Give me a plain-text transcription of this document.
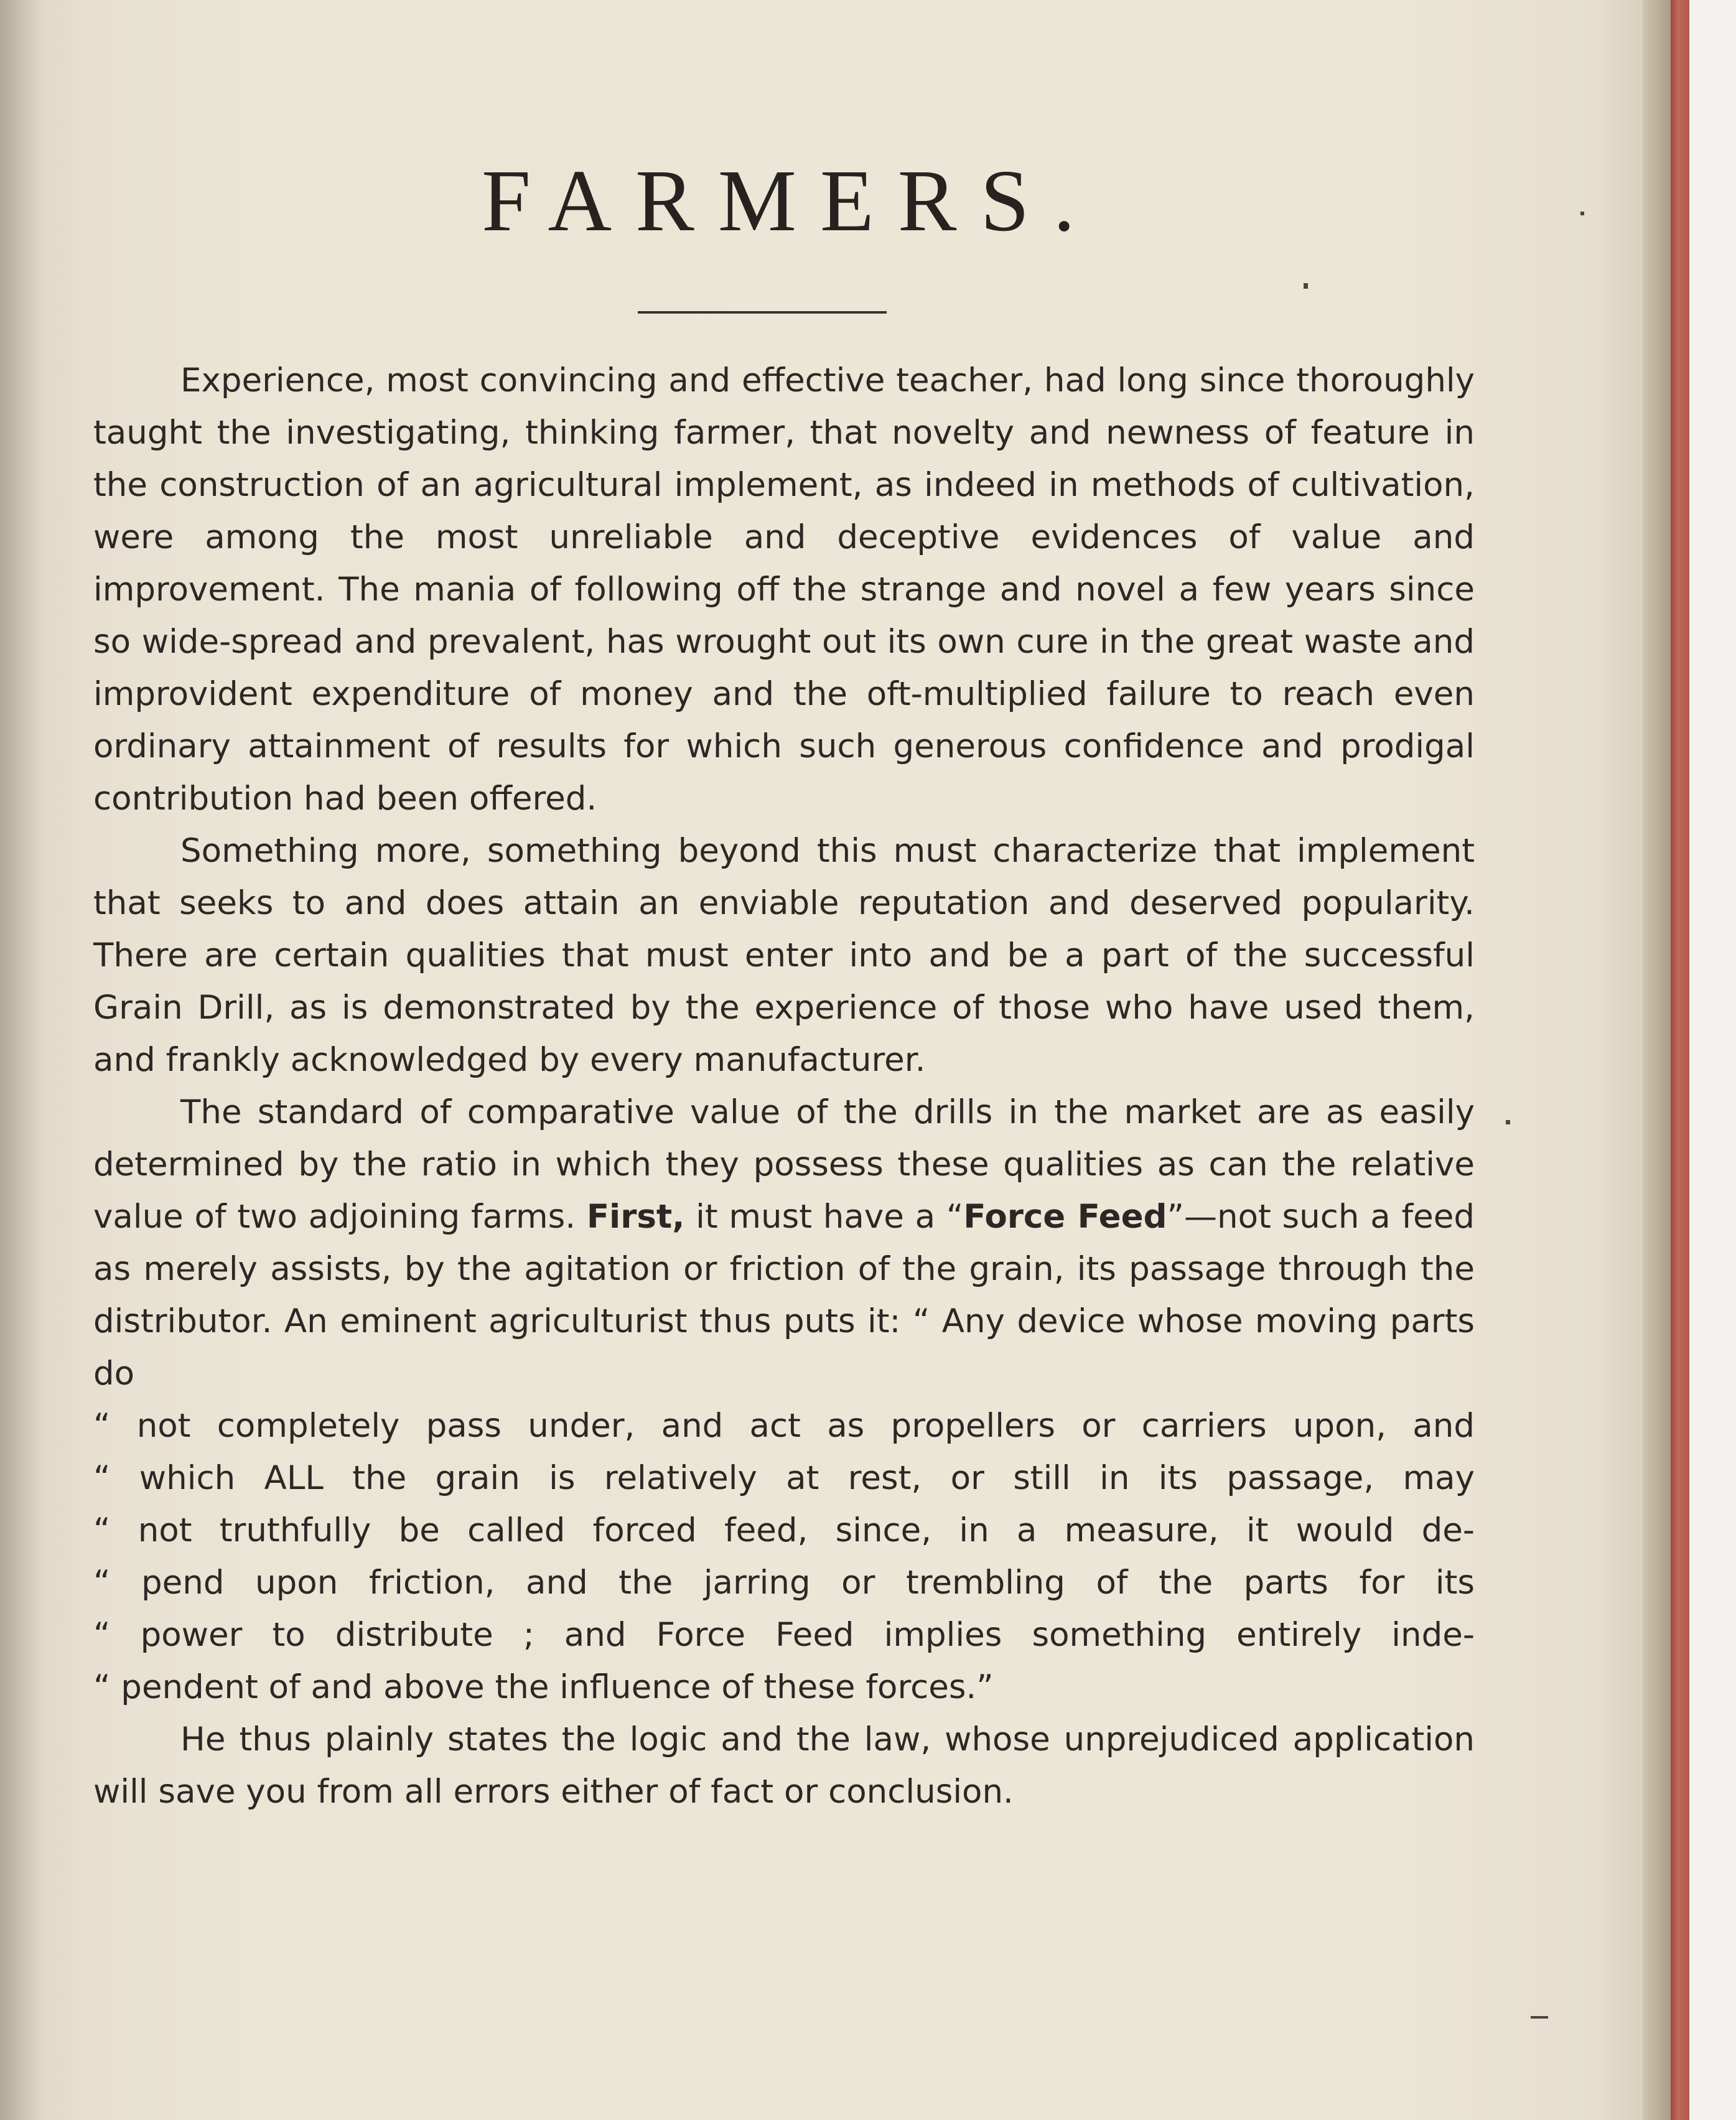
FARMERS.

Experience, most convincing and effective teacher, had long since thoroughly taught the investigating, thinking farmer, that novelty and newness of feature in the construction of an agricultural implement, as indeed in methods of cultivation, were among the most unreliable and deceptive evidences of value and improvement. The mania of following off the strange and novel a few years since so wide-spread and prevalent, has wrought out its own cure in the great waste and improvident expenditure of money and the oft-multiplied failure to reach even ordinary attainment of results for which such generous confidence and prodigal contribution had been offered.

Something more, something beyond this must characterize that implement that seeks to and does attain an enviable reputation and deserved popularity. There are certain qualities that must enter into and be a part of the successful Grain Drill, as is demonstrated by the experience of those who have used them, and frankly acknowledged by every manufacturer.

The standard of comparative value of the drills in the market are as easily determined by the ratio in which they possess these qualities as can the relative value of two adjoining farms. First, it must have a “Force Feed”—not such a feed as merely assists, by the agitation or friction of the grain, its passage through the distributor. An eminent agriculturist thus puts it: “ Any device whose moving parts do

“ not completely pass under, and act as propellers or carriers upon, and
“ which ALL the grain is relatively at rest, or still in its passage, may
“ not truthfully be called forced feed, since, in a measure, it would de-
“ pend upon friction, and the jarring or trembling of the parts for its
“ power to distribute ; and Force Feed implies something entirely inde-
“ pendent of and above the influence of these forces.”

He thus plainly states the logic and the law, whose unprejudiced application will save you from all errors either of fact or conclusion.
